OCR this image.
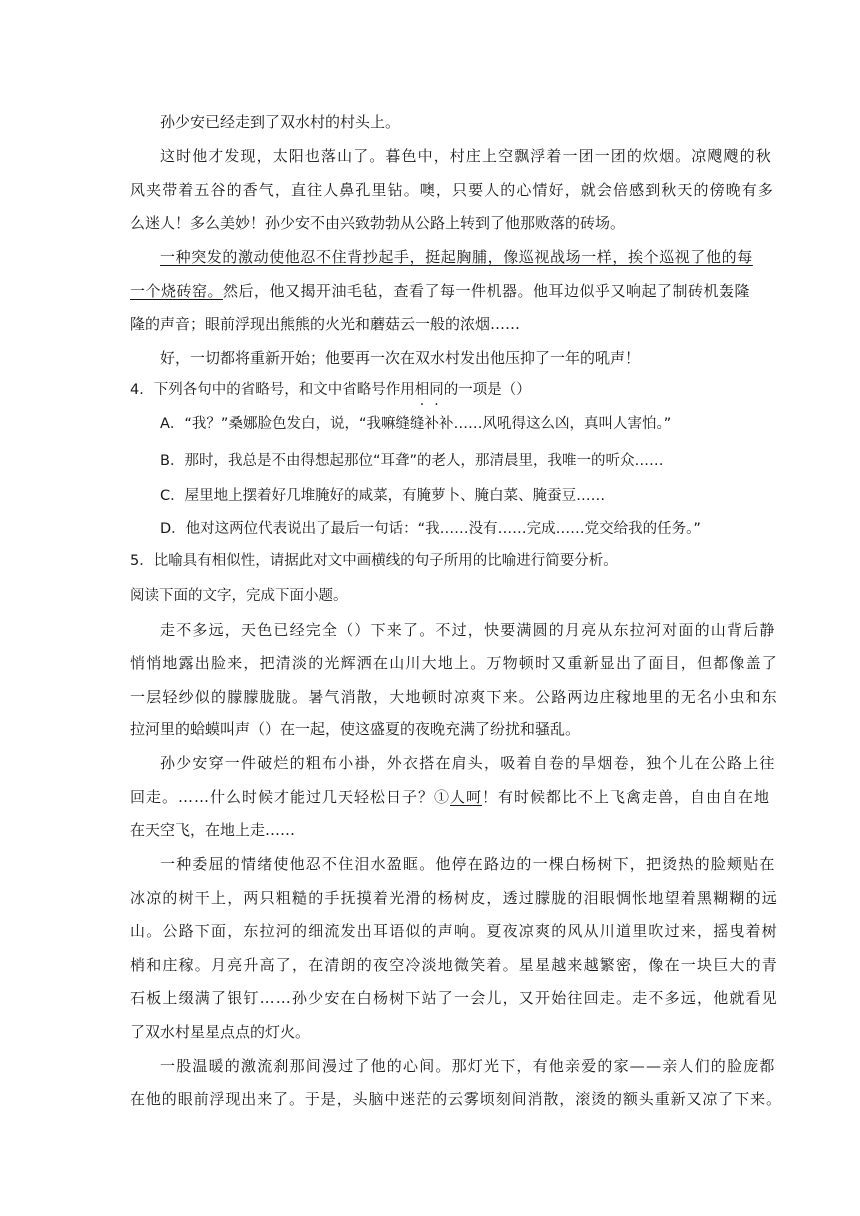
孙少安已经走到了双水村的村头上。
这时他才发现，太阳也落山了。暮色中，村庄上空飘浮着一团一团的炊烟。凉飕飕的秋
风夹带着五谷的香气，直往人鼻孔里钻。噢，只要人的心情好，就会倍感到秋天的傍晚有多
么迷人！多么美妙！孙少安不由兴致勃勃从公路上转到了他那败落的砖场。
一种突发的激动使他忍不住背抄起手，挺起胸脯，像巡视战场一样，挨个巡视了他的每
一个烧砖窑。然后，他又揭开油毛毡，查看了每一件机器。他耳边似乎又响起了制砖机轰隆
隆的声音；眼前浮现出熊熊的火光和蘑菇云一般的浓烟……
好，一切都将重新开始；他要再一次在双水村发出他压抑了一年的吼声！
4．下列各句中的省略号，和文中省略号作用相同的一项是（）
A．“我？”桑娜脸色发白，说，“我嘛缝缝补补……风吼得这么凶，真叫人害怕。”
B．那时，我总是不由得想起那位“耳聋”的老人，那清晨里，我唯一的听众……
C．屋里地上摆着好几堆腌好的咸菜，有腌萝卜、腌白菜、腌蚕豆……
D．他对这两位代表说出了最后一句话：“我……没有……完成……党交给我的任务。”
5．比喻具有相似性，请据此对文中画横线的句子所用的比喻进行简要分析。
阅读下面的文字，完成下面小题。
走不多远，天色已经完全（）下来了。不过，快要满圆的月亮从东拉河对面的山背后静
悄悄地露出脸来，把清淡的光辉洒在山川大地上。万物顿时又重新显出了面目，但都像盖了
一层轻纱似的朦朦胧胧。暑气消散，大地顿时凉爽下来。公路两边庄稼地里的无名小虫和东
拉河里的蛤蟆叫声（）在一起，使这盛夏的夜晚充满了纷扰和骚乱。
孙少安穿一件破烂的粗布小褂，外衣搭在肩头，吸着自卷的旱烟卷，独个儿在公路上往
回走。……什么时候才能过几天轻松日子？①人呵！有时候都比不上飞禽走兽，自由自在地
在天空飞，在地上走……
一种委屈的情绪使他忍不住泪水盈眶。他停在路边的一棵白杨树下，把烫热的脸颊贴在
冰凉的树干上，两只粗糙的手抚摸着光滑的杨树皮，透过朦胧的泪眼惆怅地望着黑糊糊的远
山。公路下面，东拉河的细流发出耳语似的声响。夏夜凉爽的风从川道里吹过来，摇曳着树
梢和庄稼。月亮升高了，在清朗的夜空冷淡地微笑着。星星越来越繁密，像在一块巨大的青
石板上缀满了银钉……孙少安在白杨树下站了一会儿，又开始往回走。走不多远，他就看见
了双水村星星点点的灯火。
一股温暖的激流刹那间漫过了他的心间。那灯光下，有他亲爱的家——亲人们的脸庞都
在他的眼前浮现出来了。于是，头脑中迷茫的云雾顷刻间消散，滚烫的额头重新又凉了下来。
